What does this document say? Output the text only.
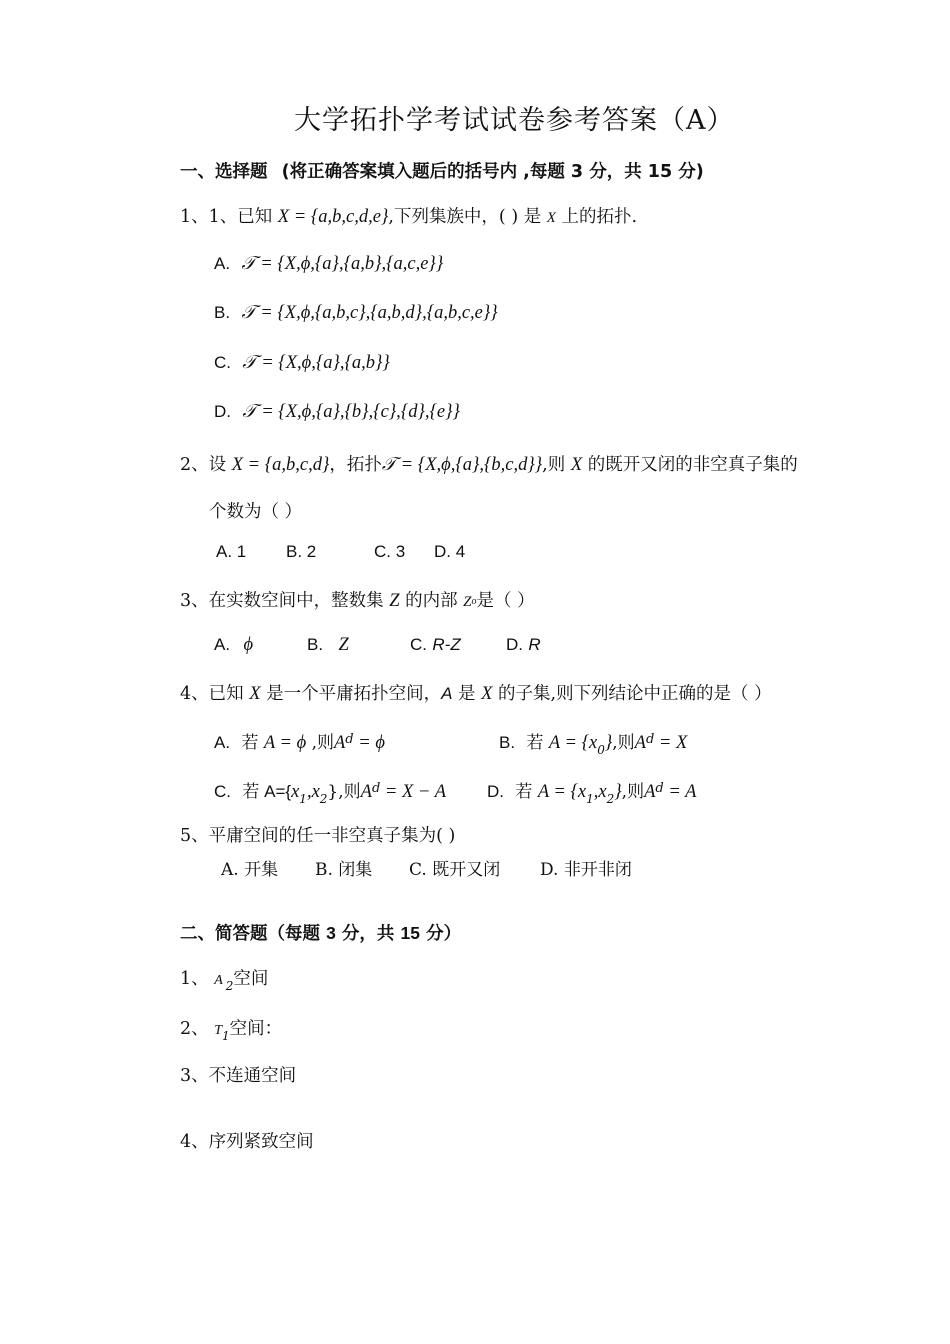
大学拓扑学考试试卷参考答案（A）
一、选择题 (将正确答案填入题后的括号内 ,每题 3 分，共 15 分)
1、1、已知 X = {a,b,c,d,e},下列集族中，( ) 是 X 上的拓扑.
A. 𝒯 = {X,ϕ,{a},{a,b},{a,c,e}}
B. 𝒯 = {X,ϕ,{a,b,c},{a,b,d},{a,b,c,e}}
C. 𝒯 = {X,ϕ,{a},{a,b}}
D. 𝒯 = {X,ϕ,{a},{b},{c},{d},{e}}
2、设 X = {a,b,c,d}，拓扑𝒯 = {X,ϕ,{a},{b,c,d}},则 X 的既开又闭的非空真子集的
个数为（ ）
A. 1 B. 2	C. 3 D. 4
3、在实数空间中，整数集 Z 的内部 Zo是（ ）
A. ϕ	B. Z	C. R-Z	D. R
4、已知 X 是一个平庸拓扑空间，A 是 X 的子集,则下列结论中正确的是（ ）
A. 若 A = ϕ ,则$A^d = \phi$	B. 若 $A = \{x_0\}$,则$A^d = X$
C. 若 $A=\{x_1,x_2\}$,则$A^d = X - A$ D. 若 $A = \{x_1,x_2\}$,则$A^d = A$
5、平庸空间的任一非空真子集为( )
A. 开集 B. 闭集 C. 既开又闭 D. 非开非闭
二、简答题（每题 3 分，共 15 分）
1、 A $_2$空间
2、 $T_1$空间：
3、不连通空间
4、序列紧致空间
